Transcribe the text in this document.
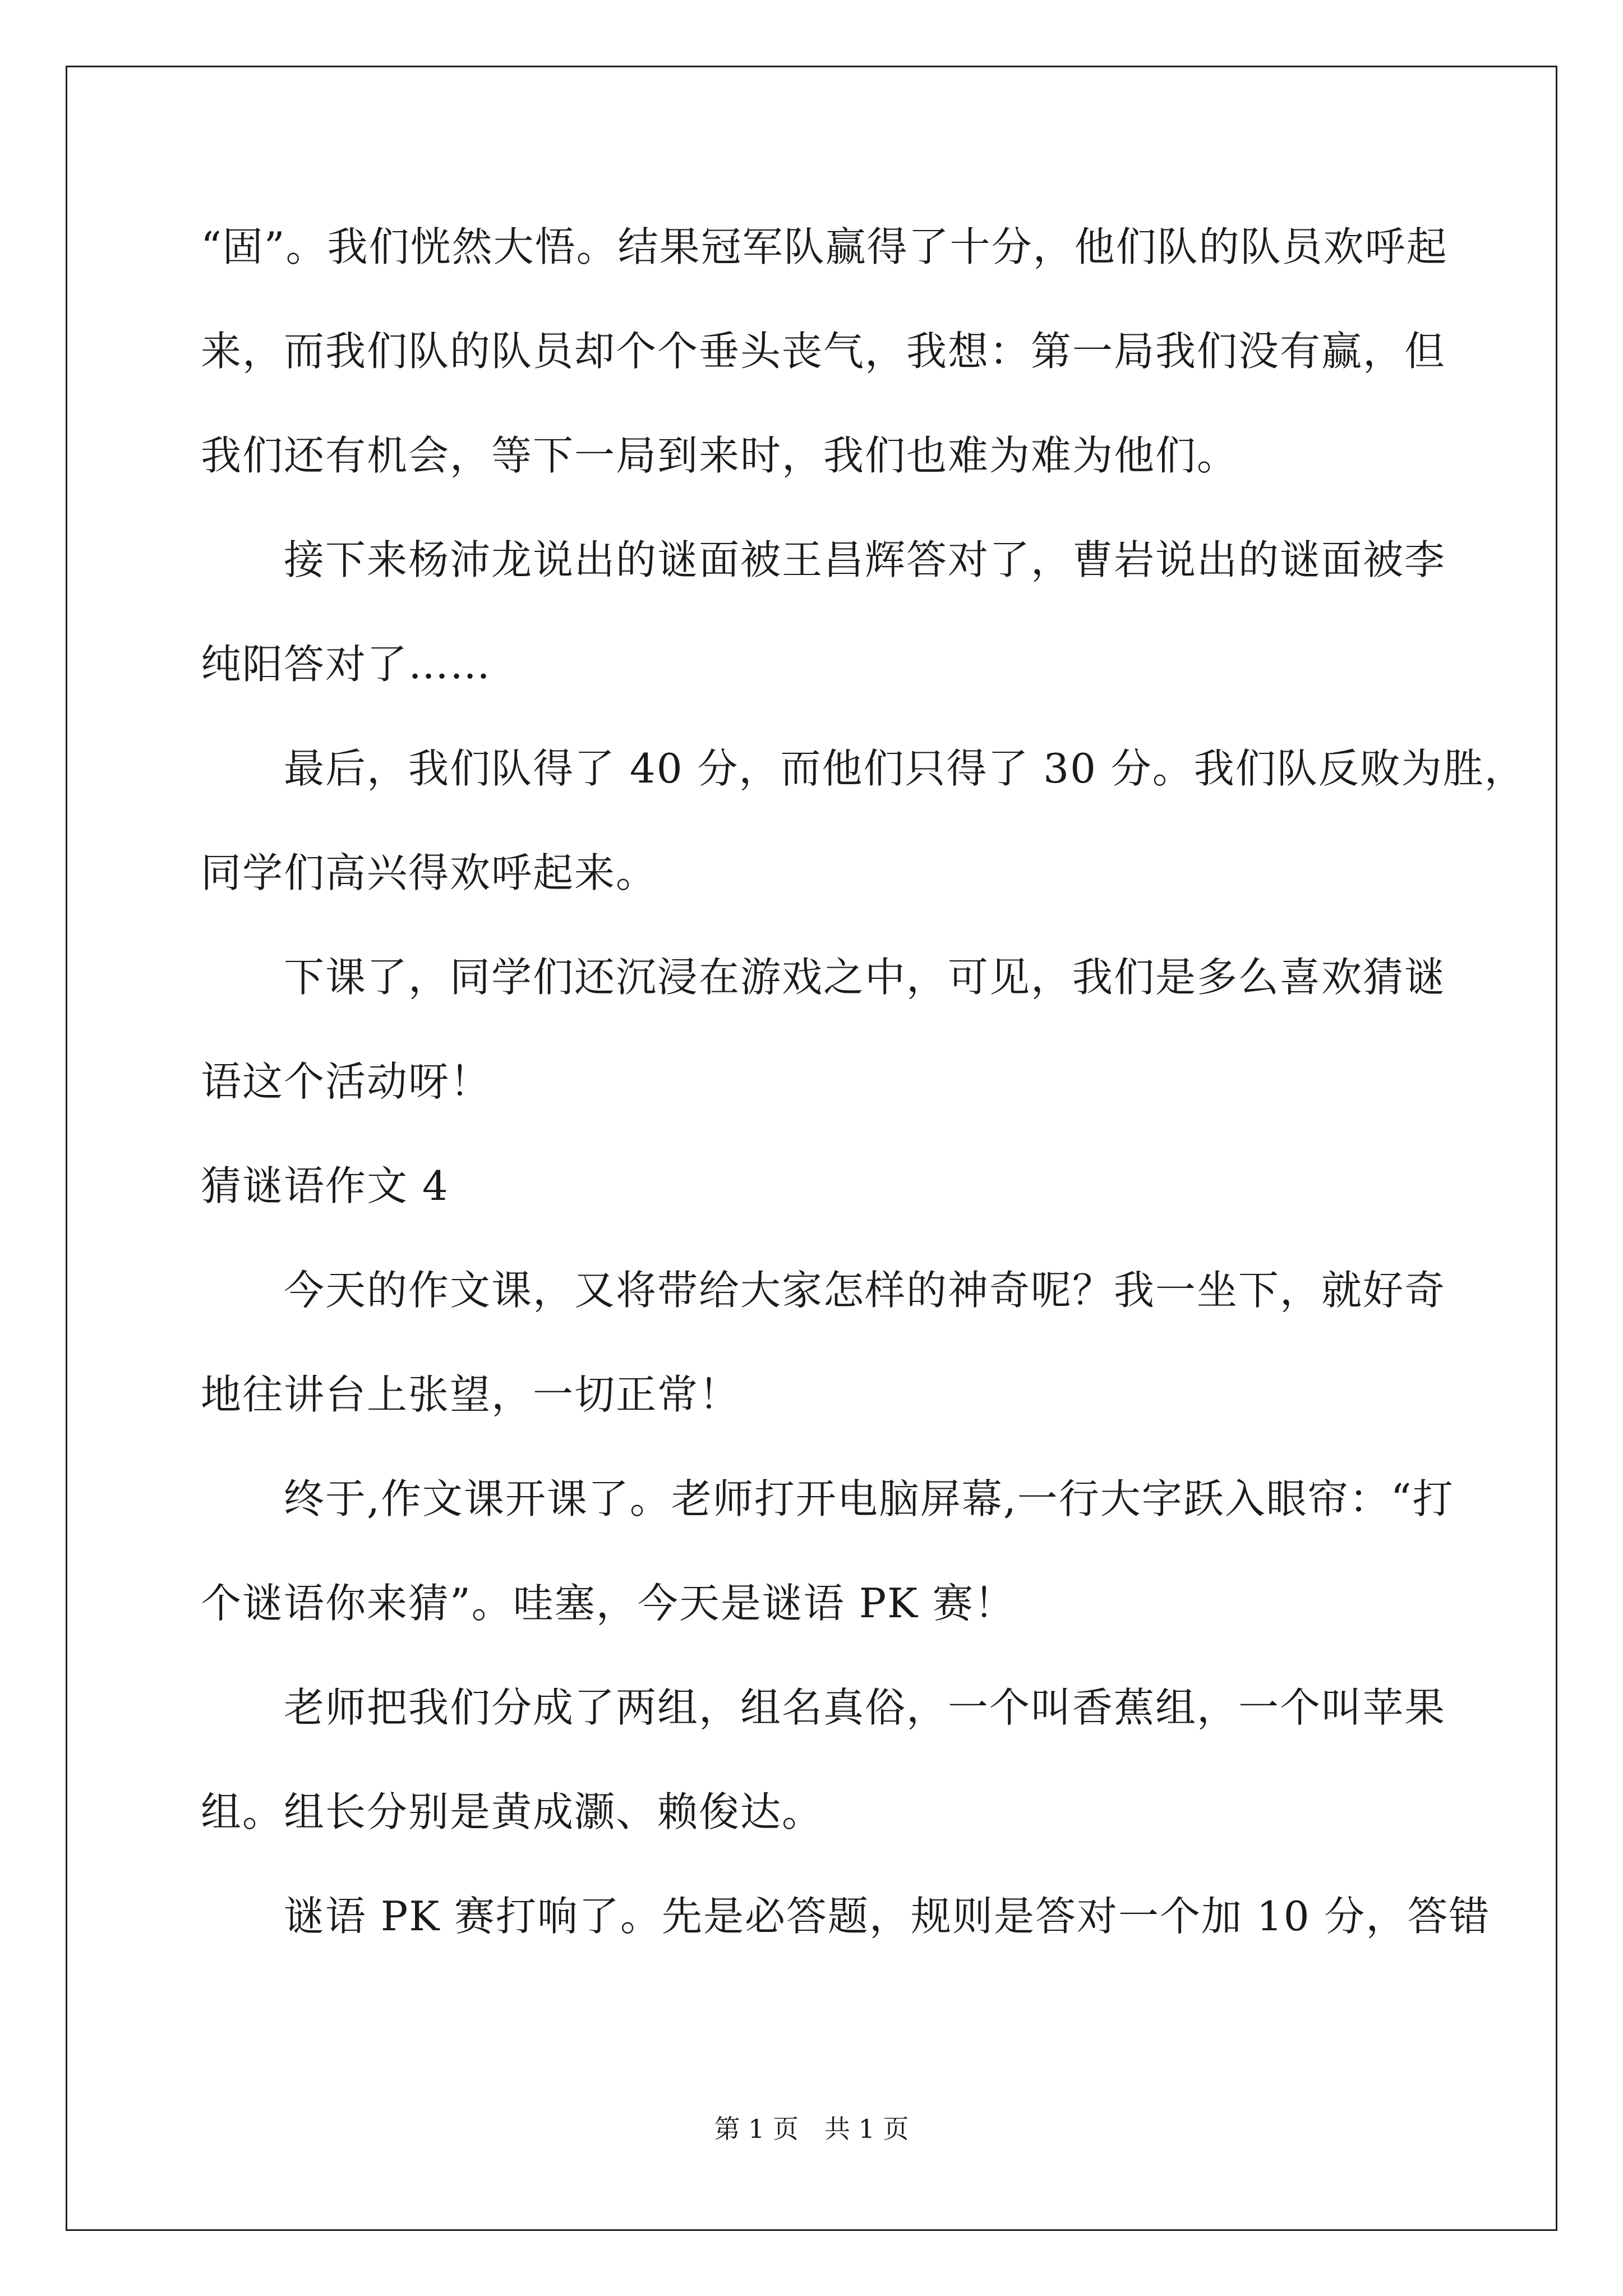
“固”。我们恍然大悟。结果冠军队赢得了十分，他们队的队员欢呼起
来，而我们队的队员却个个垂头丧气，我想：第一局我们没有赢，但
我们还有机会，等下一局到来时，我们也难为难为他们。
接下来杨沛龙说出的谜面被王昌辉答对了，曹岩说出的谜面被李
纯阳答对了……
最后，我们队得了 40 分，而他们只得了 30 分。我们队反败为胜，
同学们高兴得欢呼起来。
下课了，同学们还沉浸在游戏之中，可见，我们是多么喜欢猜谜
语这个活动呀！
猜谜语作文 4
今天的作文课，又将带给大家怎样的神奇呢？我一坐下，就好奇
地往讲台上张望，一切正常！
终于,作文课开课了。老师打开电脑屏幕,一行大字跃入眼帘：“打
个谜语你来猜”。哇塞，今天是谜语 PK 赛！
老师把我们分成了两组，组名真俗，一个叫香蕉组，一个叫苹果
组。组长分别是黄成灏、赖俊达。
谜语 PK 赛打响了。先是必答题，规则是答对一个加 10 分，答错
第 1 页　共 1 页
